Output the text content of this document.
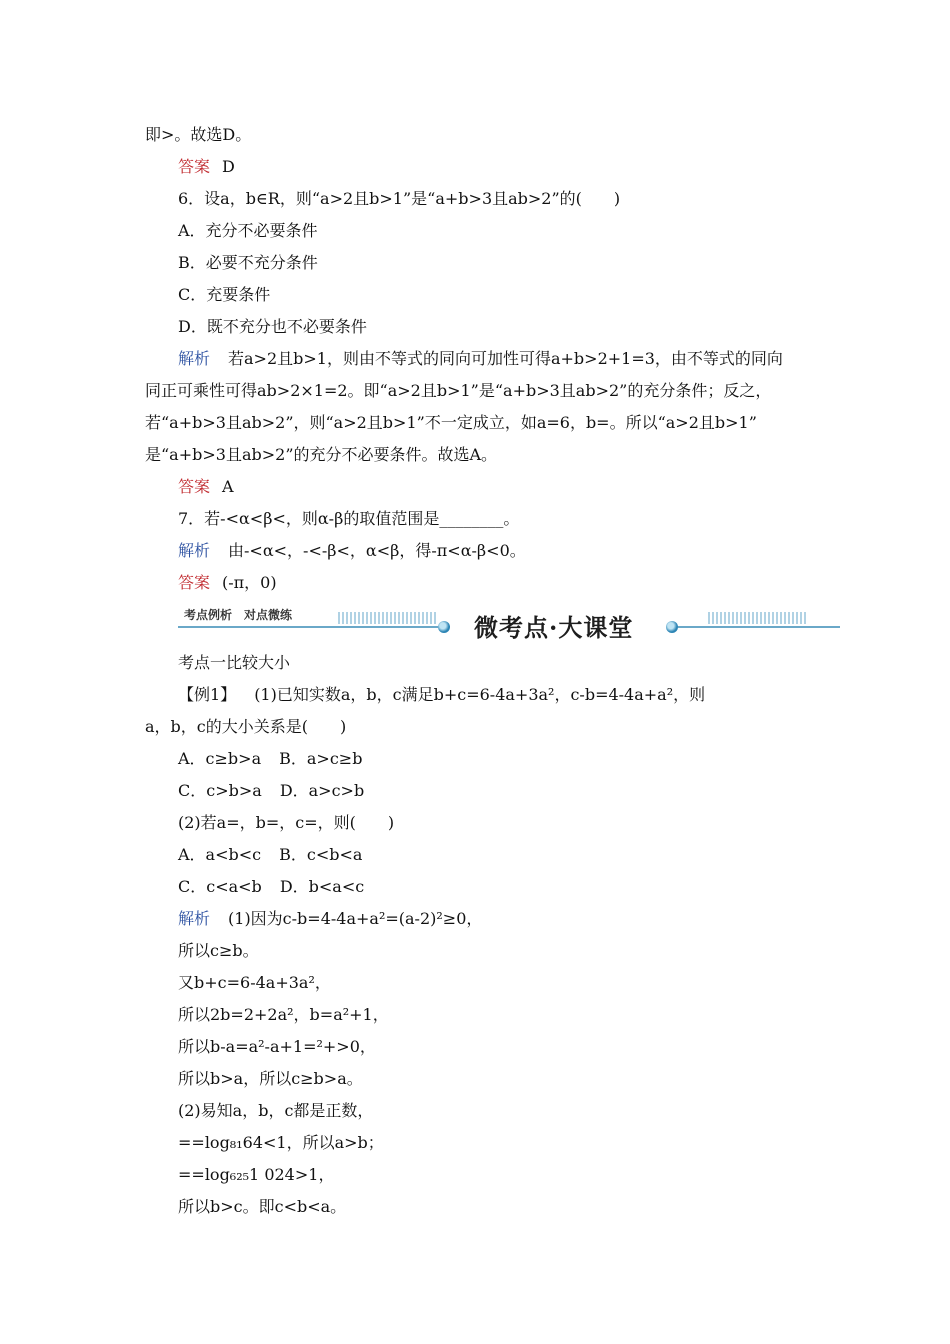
即>。故选D。
答案 D
6．设a，b∈R，则“a>2且b>1”是“a+b>3且ab>2”的(　　)
A．充分不必要条件
B．必要不充分条件
C．充要条件
D．既不充分也不必要条件
解析 若a>2且b>1，则由不等式的同向可加性可得a+b>2+1=3，由不等式的同向
同正可乘性可得ab>2×1=2。即“a>2且b>1”是“a+b>3且ab>2”的充分条件；反之，
若“a+b>3且ab>2”，则“a>2且b>1”不一定成立，如a=6，b=。所以“a>2且b>1”
是“a+b>3且ab>2”的充分不必要条件。故选A。
答案 A
7．若-<α<β<，则α-β的取值范围是________。
解析 由-<α<，-<-β<，α<β，得-π<α-β<0。
答案 (-π，0)
考点例析　对点微练	微考点·大课堂
考点一比较大小
【例1】 (1)已知实数a，b，c满足b+c=6-4a+3a²，c-b=4-4a+a²，则
a，b，c的大小关系是(　　)
A．c≥b>a B．a>c≥b
C．c>b>a D．a>c>b
(2)若a=，b=，c=，则(　　)
A．a<b<c B．c<b<a
C．c<a<b D．b<a<c
解析 (1)因为c-b=4-4a+a²=(a-2)²≥0，
所以c≥b。
又b+c=6-4a+3a²，
所以2b=2+2a²，b=a²+1，
所以b-a=a²-a+1=²+>0，
所以b>a，所以c≥b>a。
(2)易知a，b，c都是正数，
==log₈₁64<1，所以a>b；
==log₆₂₅1 024>1，
所以b>c。即c<b<a。
